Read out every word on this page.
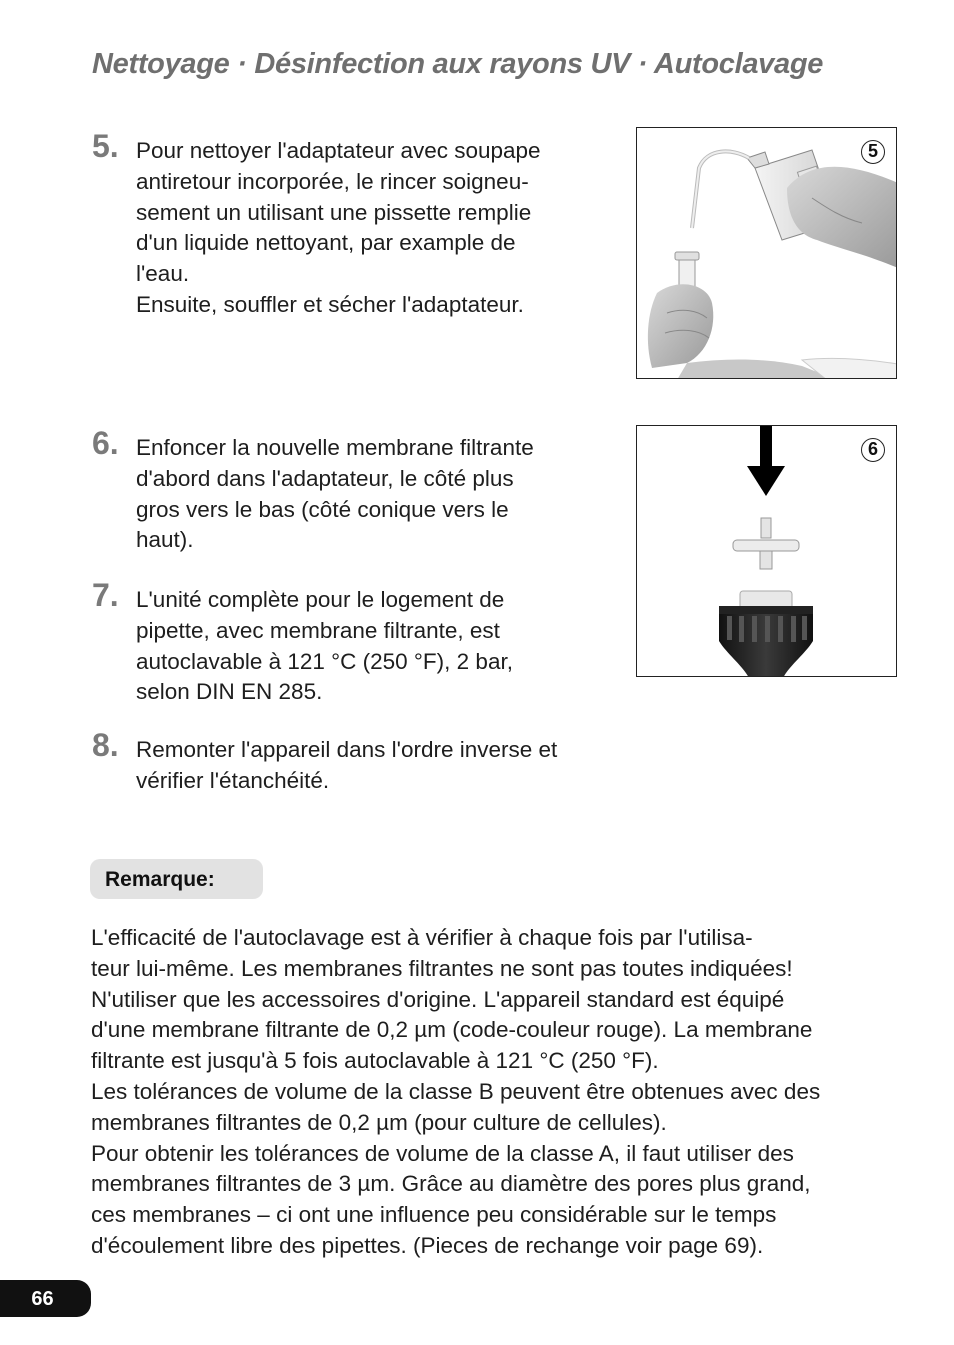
Nettoyage · Désinfection aux rayons UV · Autoclavage
5. Pour nettoyer l'adaptateur avec soupape
antiretour incorporée, le rincer soigneu-
sement un utilisant une pissette remplie
d'un liquide nettoyant, par example de
l'eau.
Ensuite, souffler et sécher l'adaptateur.
6. Enfoncer la nouvelle membrane filtrante
d'abord dans l'adaptateur, le côté plus
gros vers le bas (côté conique vers le
haut).
7. L'unité complète pour le logement de
pipette, avec membrane filtrante, est
autoclavable à 121 °C (250 °F), 2 bar,
selon DIN EN 285.
8. Remonter l'appareil dans l'ordre inverse et
vérifier l'étanchéité.
5
6
Remarque:
L'efficacité de l'autoclavage est à vérifier à chaque fois par l'utilisa-
teur lui-même. Les membranes filtrantes ne sont pas toutes indiquées!
N'utiliser que les accessoires d'origine. L'appareil standard est équipé
d'une membrane filtrante de 0,2 µm (code-couleur rouge). La membrane
filtrante est jusqu'à 5 fois autoclavable à 121 °C (250 °F).
Les tolérances de volume de la classe B peuvent être obtenues avec des
membranes filtrantes de 0,2 µm (pour culture de cellules).
Pour obtenir les tolérances de volume de la classe A, il faut utiliser des
membranes filtrantes de 3 µm. Grâce au diamètre des pores plus grand,
ces membranes – ci ont une influence peu considérable sur le temps
d'écoulement libre des pipettes. (Pieces de rechange voir page 69).
66
